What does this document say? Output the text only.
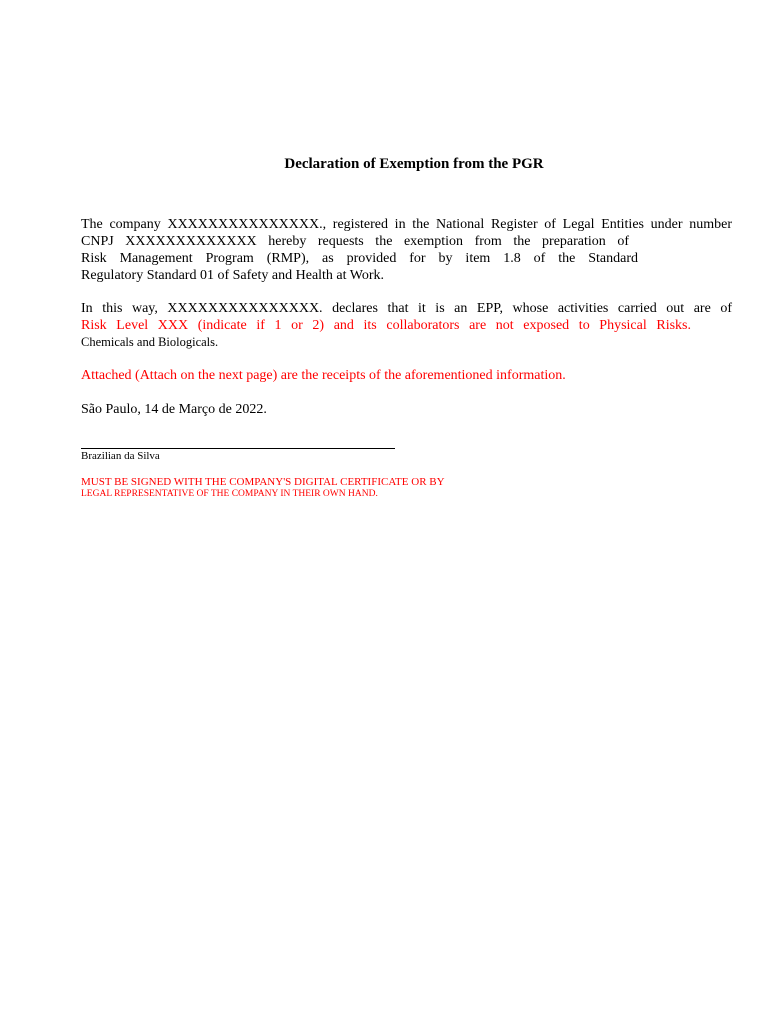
Declaration of Exemption from the PGR

The company XXXXXXXXXXXXXXX., registered in the National Register of Legal Entities under number

CNPJ XXXXXXXXXXXXX hereby requests the exemption from the preparation of

Risk Management Program (RMP), as provided for by item 1.8 of the Standard

Regulatory Standard 01 of Safety and Health at Work.

In this way, XXXXXXXXXXXXXXX. declares that it is an EPP, whose activities carried out are of

Risk Level XXX (indicate if 1 or 2) and its collaborators are not exposed to Physical Risks.

Chemicals and Biologicals.

Attached (Attach on the next page) are the receipts of the aforementioned information.

São Paulo, 14 de Março de 2022.

Brazilian da Silva

MUST BE SIGNED WITH THE COMPANY'S DIGITAL CERTIFICATE OR BY

LEGAL REPRESENTATIVE OF THE COMPANY IN THEIR OWN HAND.
